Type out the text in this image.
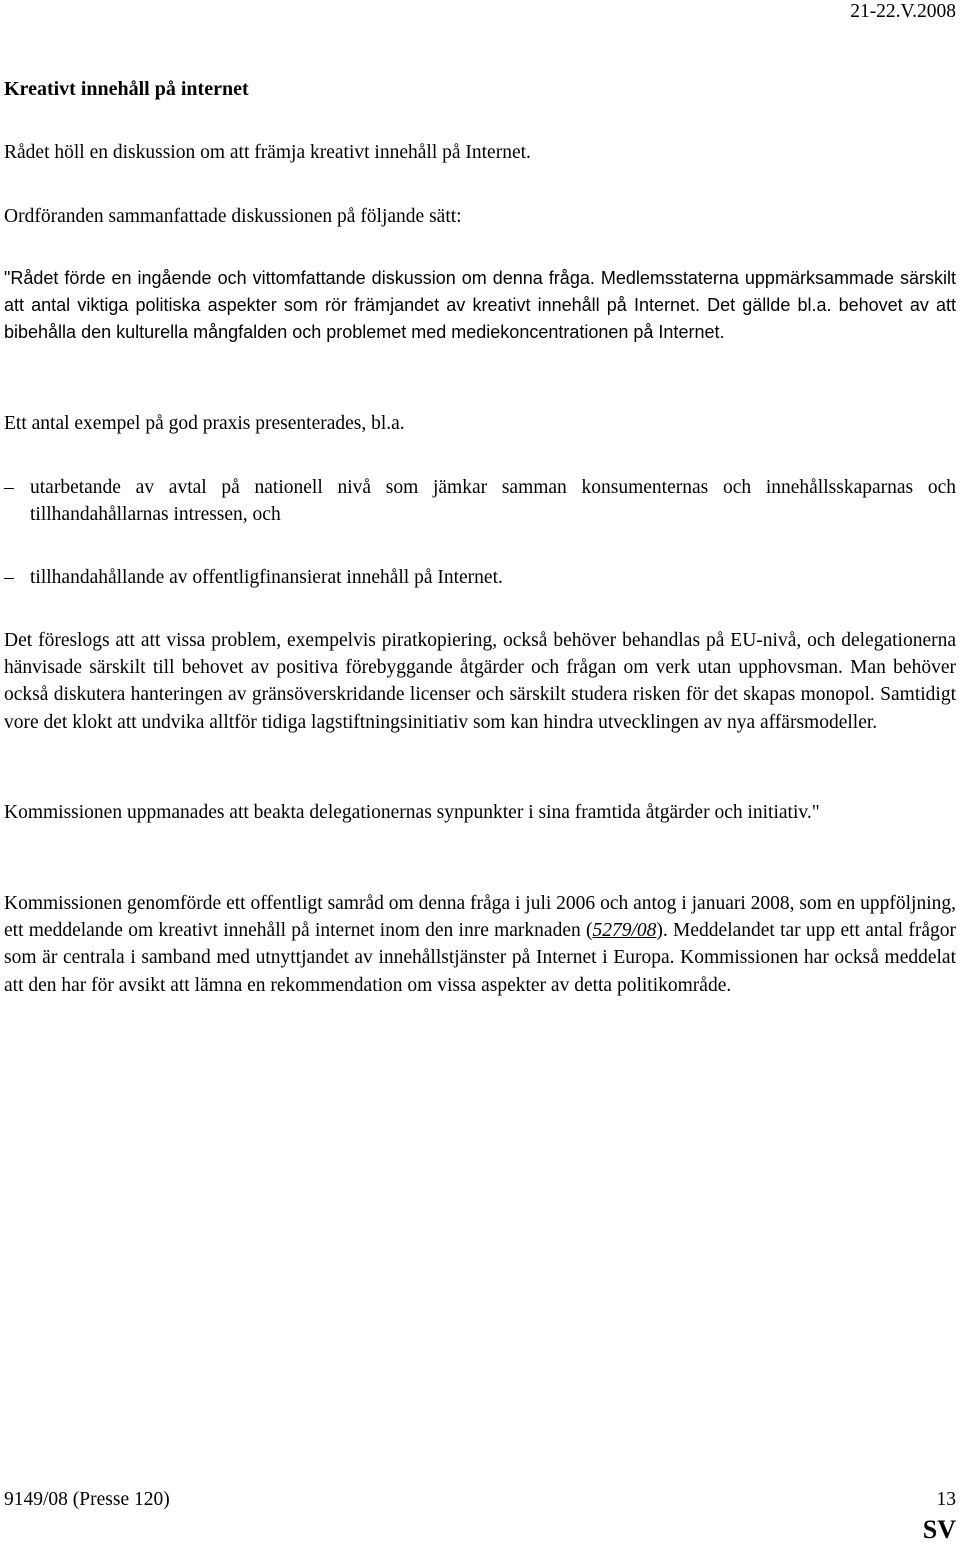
21-22.V.2008
Kreativt innehåll på internet

Rådet höll en diskussion om att främja kreativt innehåll på Internet.

Ordföranden sammanfattade diskussionen på följande sätt:

"Rådet förde en ingående och vittomfattande diskussion om denna fråga. Medlemsstaterna uppmärksammade särskilt att antal viktiga politiska aspekter som rör främjandet av kreativt innehåll på Internet. Det gällde bl.a. behovet av att bibehålla den kulturella mångfalden och problemet med mediekoncentrationen på Internet.

Ett antal exempel på god praxis presenterades, bl.a.

– utarbetande av avtal på nationell nivå som jämkar samman konsumenternas och innehållsskaparnas och tillhandahållarnas intressen, och
– tillhandahållande av offentligfinansierat innehåll på Internet.

Det föreslogs att att vissa problem, exempelvis piratkopiering, också behöver behandlas på EU-nivå, och delegationerna hänvisade särskilt till behovet av positiva förebyggande åtgärder och frågan om verk utan upphovsman. Man behöver också diskutera hanteringen av gränsöverskridande licenser och särskilt studera risken för det skapas monopol. Samtidigt vore det klokt att undvika alltför tidiga lagstiftningsinitiativ som kan hindra utvecklingen av nya affärsmodeller.

Kommissionen uppmanades att beakta delegationernas synpunkter i sina framtida åtgärder och initiativ."

Kommissionen genomförde ett offentligt samråd om denna fråga i juli 2006 och antog i januari 2008, som en uppföljning, ett meddelande om kreativt innehåll på internet inom den inre marknaden (5279/08). Meddelandet tar upp ett antal frågor som är centrala i samband med utnyttjandet av innehållstjänster på Internet i Europa. Kommissionen har också meddelat att den har för avsikt att lämna en rekommendation om vissa aspekter av detta politikområde.

9149/08 (Presse 120)	13
SV
